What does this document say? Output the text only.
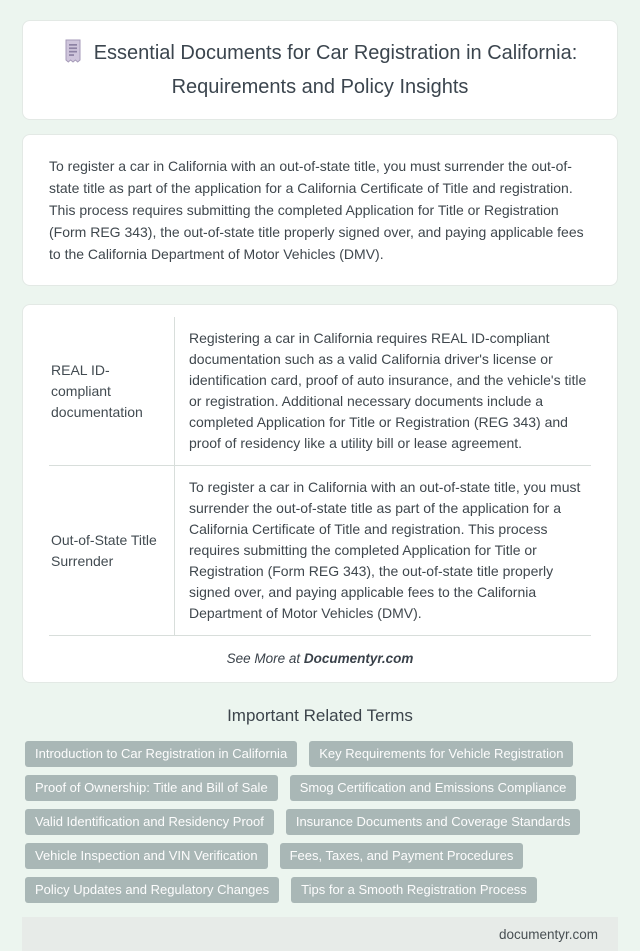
Essential Documents for Car Registration in California: Requirements and Policy Insights

To register a car in California with an out-of-state title, you must surrender the out-of-state title as part of the application for a California Certificate of Title and registration. This process requires submitting the completed Application for Title or Registration (Form REG 343), the out-of-state title properly signed over, and paying applicable fees to the California Department of Motor Vehicles (DMV).

REAL ID-compliant documentation
Registering a car in California requires REAL ID-compliant documentation such as a valid California driver's license or identification card, proof of auto insurance, and the vehicle's title or registration. Additional necessary documents include a completed Application for Title or Registration (REG 343) and proof of residency like a utility bill or lease agreement.
Out-of-State Title Surrender
To register a car in California with an out-of-state title, you must surrender the out-of-state title as part of the application for a California Certificate of Title and registration. This process requires submitting the completed Application for Title or Registration (Form REG 343), the out-of-state title properly signed over, and paying applicable fees to the California Department of Motor Vehicles (DMV).
See More at Documentyr.com
Important Related Terms
Introduction to Car Registration in California	Key Requirements for Vehicle Registration
Proof of Ownership: Title and Bill of Sale	Smog Certification and Emissions Compliance
Valid Identification and Residency Proof	Insurance Documents and Coverage Standards
Vehicle Inspection and VIN Verification	Fees, Taxes, and Payment Procedures
Policy Updates and Regulatory Changes	Tips for a Smooth Registration Process
documentyr.com
